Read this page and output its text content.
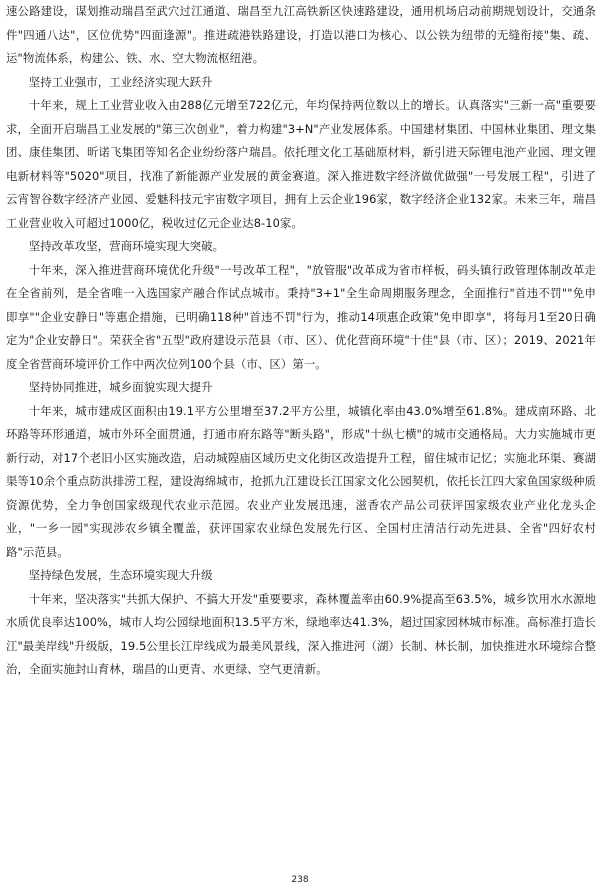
速公路建设，谋划推动瑞昌至武穴过江通道、瑞昌至九江高铁新区快速路建设，通用机场启动前期规划设计，交通条件"四通八达"，区位优势"四面逢源"。推进疏港铁路建设，打造以港口为核心、以公铁为纽带的无缝衔接"集、疏、运"物流体系，构建公、铁、水、空大物流枢纽港。

坚持工业强市，工业经济实现大跃升

十年来，规上工业营业收入由288亿元增至722亿元，年均保持两位数以上的增长。认真落实"三新一高"重要要求，全面开启瑞昌工业发展的"第三次创业"，着力构建"3+N"产业发展体系。中国建材集团、中国林业集团、理文集团、康佳集团、昕诺飞集团等知名企业纷纷落户瑞昌。依托理文化工基础原材料，新引进天际锂电池产业园、理文锂电新材料等"5020"项目，找准了新能源产业发展的黄金赛道。深入推进数字经济做优做强"一号发展工程"，引进了云宵智谷数字经济产业园、爱魅科技元宇宙数字项目，拥有上云企业196家，数字经济企业132家。未来三年，瑞昌工业营业收入可超过1000亿，税收过亿元企业达8-10家。

坚持改革攻坚，营商环境实现大突破。

十年来，深入推进营商环境优化升级"一号改革工程"，"放管服"改革成为省市样板，码头镇行政管理体制改革走在全省前列，是全省唯一入选国家产融合作试点城市。秉持"3+1"全生命周期服务理念，全面推行"首违不罚""免申即享""企业安静日"等惠企措施，已明确118种"首违不罚"行为，推动14项惠企政策"免申即享"，将每月1至20日确定为"企业安静日"。荣获全省"五型"政府建设示范县（市、区）、优化营商环境"十佳"县（市、区）；2019、2021年度全省营商环境评价工作中两次位列100个县（市、区）第一。

坚持协同推进，城乡面貌实现大提升

十年来，城市建成区面积由19.1平方公里增至37.2平方公里，城镇化率由43.0%增至61.8%。建成南环路、北环路等环形通道，城市外环全面贯通，打通市府东路等"断头路"，形成"十纵七横"的城市交通格局。大力实施城市更新行动，对17个老旧小区实施改造，启动城隍庙区域历史文化街区改造提升工程，留住城市记忆；实施北环渠、赛湖渠等10余个重点防洪排涝工程，建设海绵城市，抢抓九江建设长江国家文化公园契机，依托长江四大家鱼国家级种质资源优势，全力争创国家级现代农业示范园。农业产业发展迅速，滋香农产品公司获评国家级农业产业化龙头企业，"一乡一园"实现涉农乡镇全覆盖，获评国家农业绿色发展先行区、全国村庄清洁行动先进县、全省"四好农村路"示范县。

坚持绿色发展，生态环境实现大升级

十年来，坚决落实"共抓大保护、不搞大开发"重要要求，森林覆盖率由60.9%提高至63.5%，城乡饮用水水源地水质优良率达100%，城市人均公园绿地面积13.5平方米，绿地率达41.3%，超过国家园林城市标准。高标准打造长江"最美岸线"升级版，19.5公里长江岸线成为最美风景线，深入推进河（湖）长制、林长制，加快推进水环境综合整治，全面实施封山育林，瑞昌的山更青、水更绿、空气更清新。

238
